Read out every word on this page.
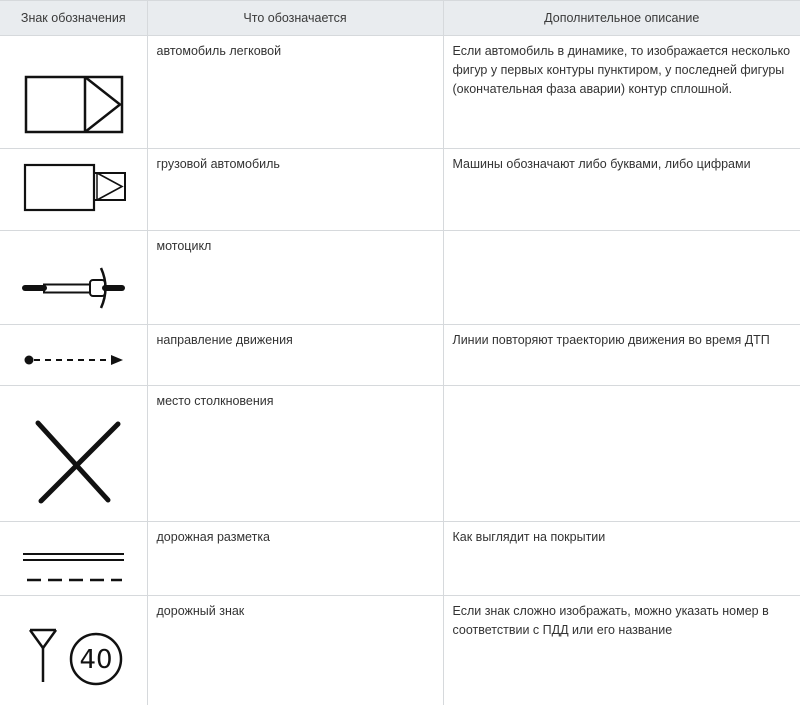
Знак обозначения	Что обозначается	Дополнительное описание

	автомобиль легковой	Если автомобиль в динамике, то изображается несколько фигур у первых контуры пунктиром, у последней фигуры (окончательная фаза аварии) контур сплошной.

	грузовой автомобиль	Машины обозначают либо буквами, либо цифрами

	мотоцикл	

	направление движения	Линии повторяют траекторию движения во время ДТП

	место столкновения	

	дорожная разметка	Как выглядит на покрытии

40	дорожный знак	Если знак сложно изображать, можно указать номер в соответствии с ПДД или его название
